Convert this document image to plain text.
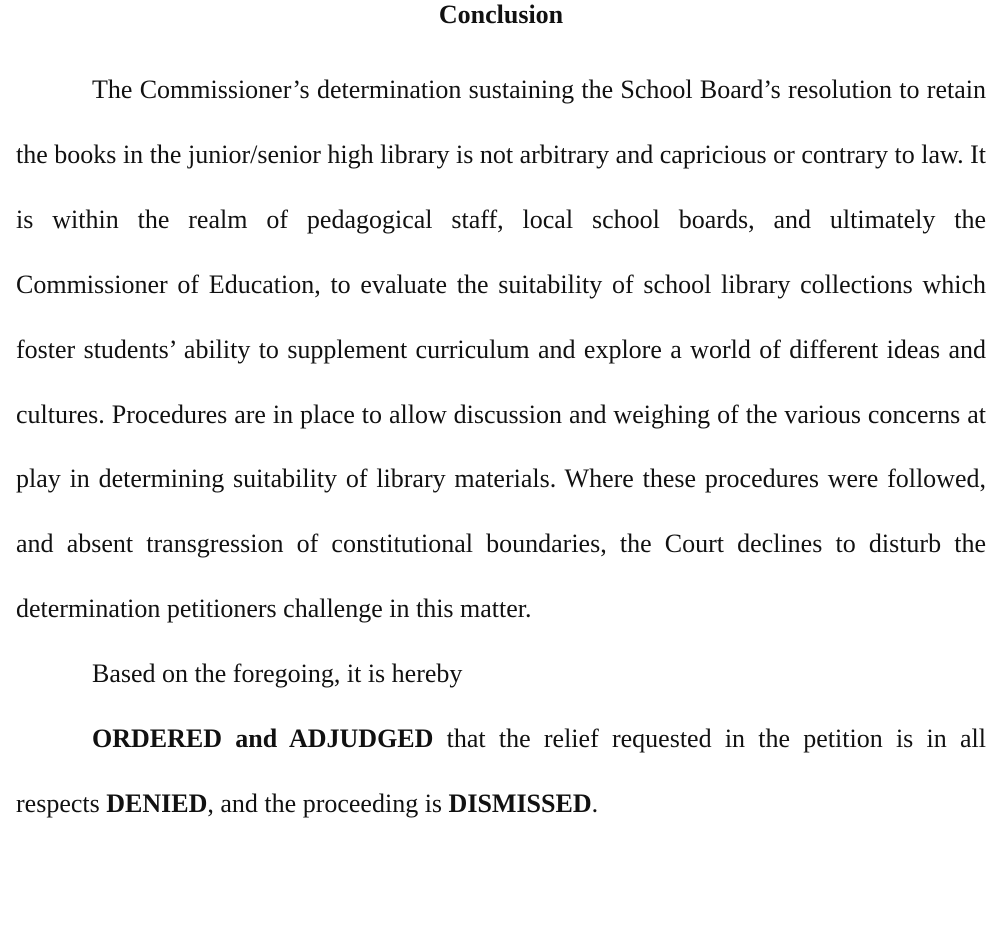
Conclusion

The Commissioner’s determination sustaining the School Board’s resolution to retain the books in the junior/senior high library is not arbitrary and capricious or contrary to law. It is within the realm of pedagogical staff, local school boards, and ultimately the Commissioner of Education, to evaluate the suitability of school library collections which foster students’ ability to supplement curriculum and explore a world of different ideas and cultures. Procedures are in place to allow discussion and weighing of the various concerns at play in determining suitability of library materials. Where these procedures were followed, and absent transgression of constitutional boundaries, the Court declines to disturb the determination petitioners challenge in this matter.

Based on the foregoing, it is hereby

ORDERED and ADJUDGED that the relief requested in the petition is in all respects DENIED, and the proceeding is DISMISSED.
